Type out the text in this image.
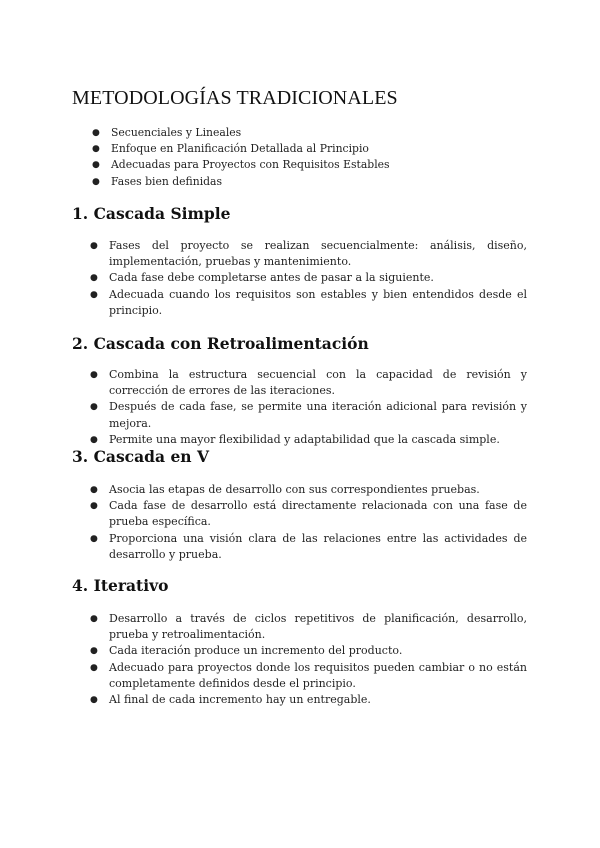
METODOLOGÍAS TRADICIONALES
● Secuenciales y Lineales
● Enfoque en Planificación Detallada al Principio
● Adecuadas para Proyectos con Requisitos Estables
● Fases bien definidas
1. Cascada Simple
● Fases del proyecto se realizan secuencialmente: análisis, diseño, implementación, pruebas y mantenimiento.
● Cada fase debe completarse antes de pasar a la siguiente.
● Adecuada cuando los requisitos son estables y bien entendidos desde el principio.
2. Cascada con Retroalimentación
● Combina la estructura secuencial con la capacidad de revisión y corrección de errores de las iteraciones.
● Después de cada fase, se permite una iteración adicional para revisión y mejora.
● Permite una mayor flexibilidad y adaptabilidad que la cascada simple.
3. Cascada en V
● Asocia las etapas de desarrollo con sus correspondientes pruebas.
● Cada fase de desarrollo está directamente relacionada con una fase de prueba específica.
● Proporciona una visión clara de las relaciones entre las actividades de desarrollo y prueba.
4. Iterativo
● Desarrollo a través de ciclos repetitivos de planificación, desarrollo, prueba y retroalimentación.
● Cada iteración produce un incremento del producto.
● Adecuado para proyectos donde los requisitos pueden cambiar o no están completamente definidos desde el principio.
● Al final de cada incremento hay un entregable.
